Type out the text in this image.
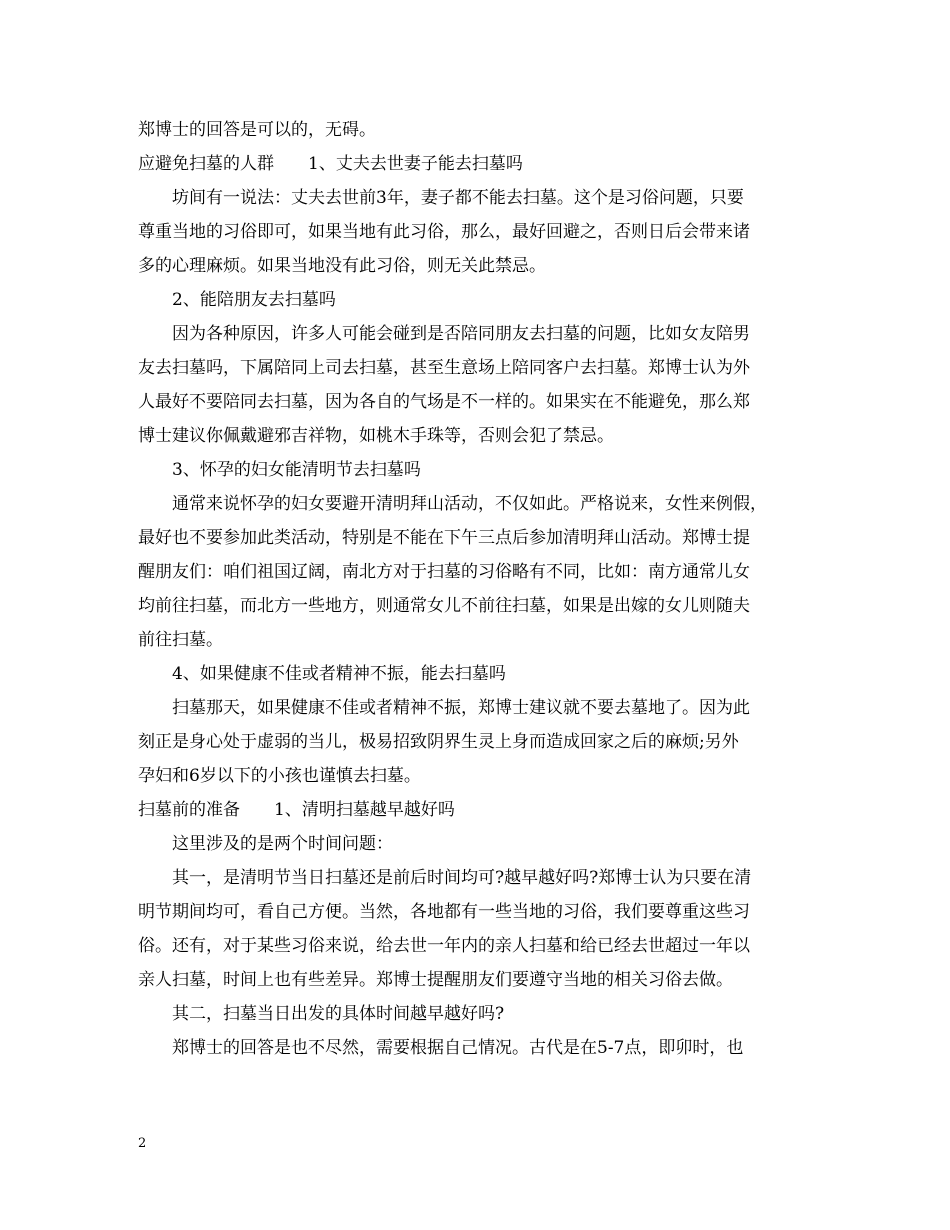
郑博士的回答是可以的，无碍。
应避免扫墓的人群 1、丈夫去世妻子能去扫墓吗
坊间有一说法：丈夫去世前3年，妻子都不能去扫墓。这个是习俗问题，只要
尊重当地的习俗即可，如果当地有此习俗，那么，最好回避之，否则日后会带来诸
多的心理麻烦。如果当地没有此习俗，则无关此禁忌。
2、能陪朋友去扫墓吗
因为各种原因，许多人可能会碰到是否陪同朋友去扫墓的问题，比如女友陪男
友去扫墓吗，下属陪同上司去扫墓，甚至生意场上陪同客户去扫墓。郑博士认为外
人最好不要陪同去扫墓，因为各自的气场是不一样的。如果实在不能避免，那么郑
博士建议你佩戴避邪吉祥物，如桃木手珠等，否则会犯了禁忌。
3、怀孕的妇女能清明节去扫墓吗
通常来说怀孕的妇女要避开清明拜山活动，不仅如此。严格说来，女性来例假，
最好也不要参加此类活动，特别是不能在下午三点后参加清明拜山活动。郑博士提
醒朋友们：咱们祖国辽阔，南北方对于扫墓的习俗略有不同，比如：南方通常儿女
均前往扫墓，而北方一些地方，则通常女儿不前往扫墓，如果是出嫁的女儿则随夫
前往扫墓。
4、如果健康不佳或者精神不振，能去扫墓吗
扫墓那天，如果健康不佳或者精神不振，郑博士建议就不要去墓地了。因为此
刻正是身心处于虚弱的当儿，极易招致阴界生灵上身而造成回家之后的麻烦;另外
孕妇和6岁以下的小孩也谨慎去扫墓。
扫墓前的准备 1、清明扫墓越早越好吗
这里涉及的是两个时间问题：
其一，是清明节当日扫墓还是前后时间均可?越早越好吗?郑博士认为只要在清
明节期间均可，看自己方便。当然，各地都有一些当地的习俗，我们要尊重这些习
俗。还有，对于某些习俗来说，给去世一年内的亲人扫墓和给已经去世超过一年以
亲人扫墓，时间上也有些差异。郑博士提醒朋友们要遵守当地的相关习俗去做。
其二，扫墓当日出发的具体时间越早越好吗?
郑博士的回答是也不尽然，需要根据自己情况。古代是在5-7点，即卯时，也
2
